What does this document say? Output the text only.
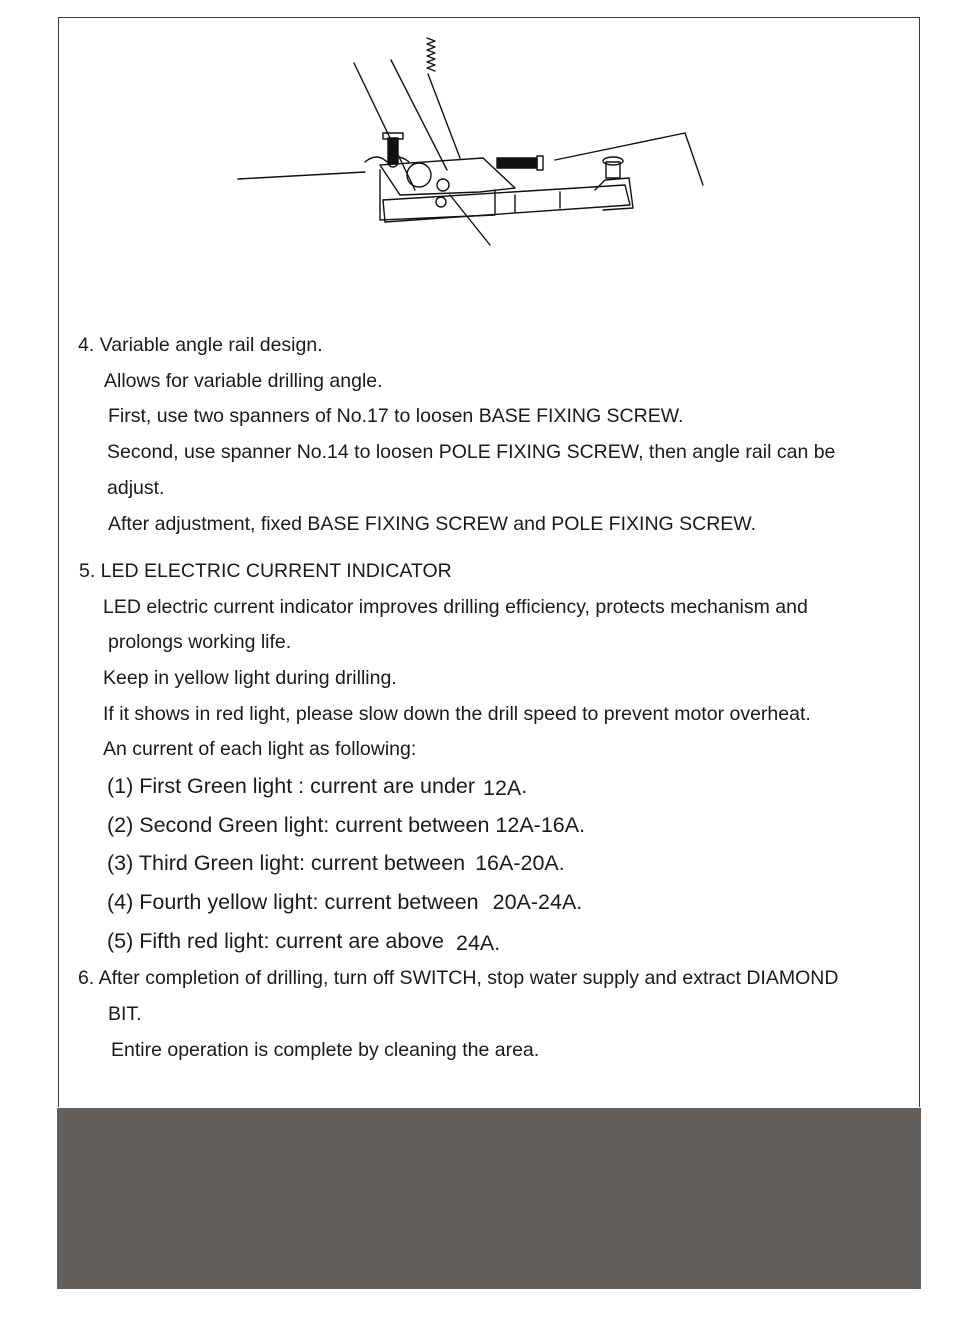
4. Variable angle rail design.
Allows for variable drilling angle.
First, use two spanners of No.17 to loosen BASE FIXING SCREW.
Second, use spanner No.14 to loosen POLE FIXING SCREW, then angle rail can be
adjust.
After adjustment, fixed BASE FIXING SCREW and POLE FIXING SCREW.
5. LED ELECTRIC CURRENT INDICATOR
LED electric current indicator improves drilling efficiency, protects mechanism and
prolongs working life.
Keep in yellow light during drilling.
If it shows in red light, please slow down the drill speed to prevent motor overheat.
An current of each light as following:
(1) First Green light : current are under 12A.
(2) Second Green light: current between 12A-16A.
(3) Third Green light: current between 16A-20A.
(4) Fourth yellow light: current between 20A-24A.
(5) Fifth red light: current are above 24A.
6. After completion of drilling, turn off SWITCH, stop water supply and extract DIAMOND
BIT.
Entire operation is complete by cleaning the area.
